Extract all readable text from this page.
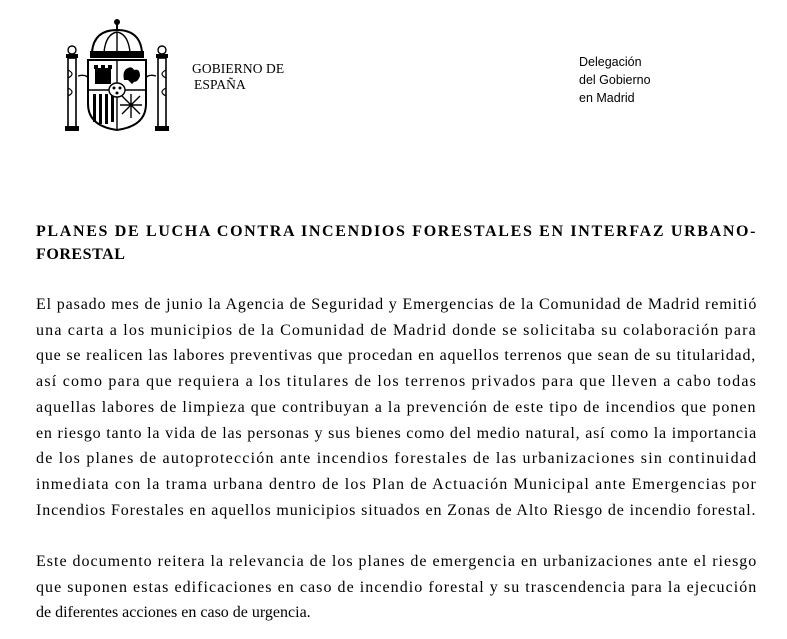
GOBIERNO DE
ESPAÑA
Delegación
del Gobierno
en Madrid
PLANES DE LUCHA CONTRA INCENDIOS FORESTALES EN INTERFAZ URBANO-
FORESTAL

El pasado mes de junio la Agencia de Seguridad y Emergencias de la Comunidad de Madrid remitió
una carta a los municipios de la Comunidad de Madrid donde se solicitaba su colaboración para
que se realicen las labores preventivas que procedan en aquellos terrenos que sean de su titularidad,
así como para que requiera a los titulares de los terrenos privados para que lleven a cabo todas
aquellas labores de limpieza que contribuyan a la prevención de este tipo de incendios que ponen
en riesgo tanto la vida de las personas y sus bienes como del medio natural, así como la importancia
de los planes de autoprotección ante incendios forestales de las urbanizaciones sin continuidad
inmediata con la trama urbana dentro de los Plan de Actuación Municipal ante Emergencias por
Incendios Forestales en aquellos municipios situados en Zonas de Alto Riesgo de incendio forestal.

Este documento reitera la relevancia de los planes de emergencia en urbanizaciones ante el riesgo
que suponen estas edificaciones en caso de incendio forestal y su trascendencia para la ejecución
de diferentes acciones en caso de urgencia.
